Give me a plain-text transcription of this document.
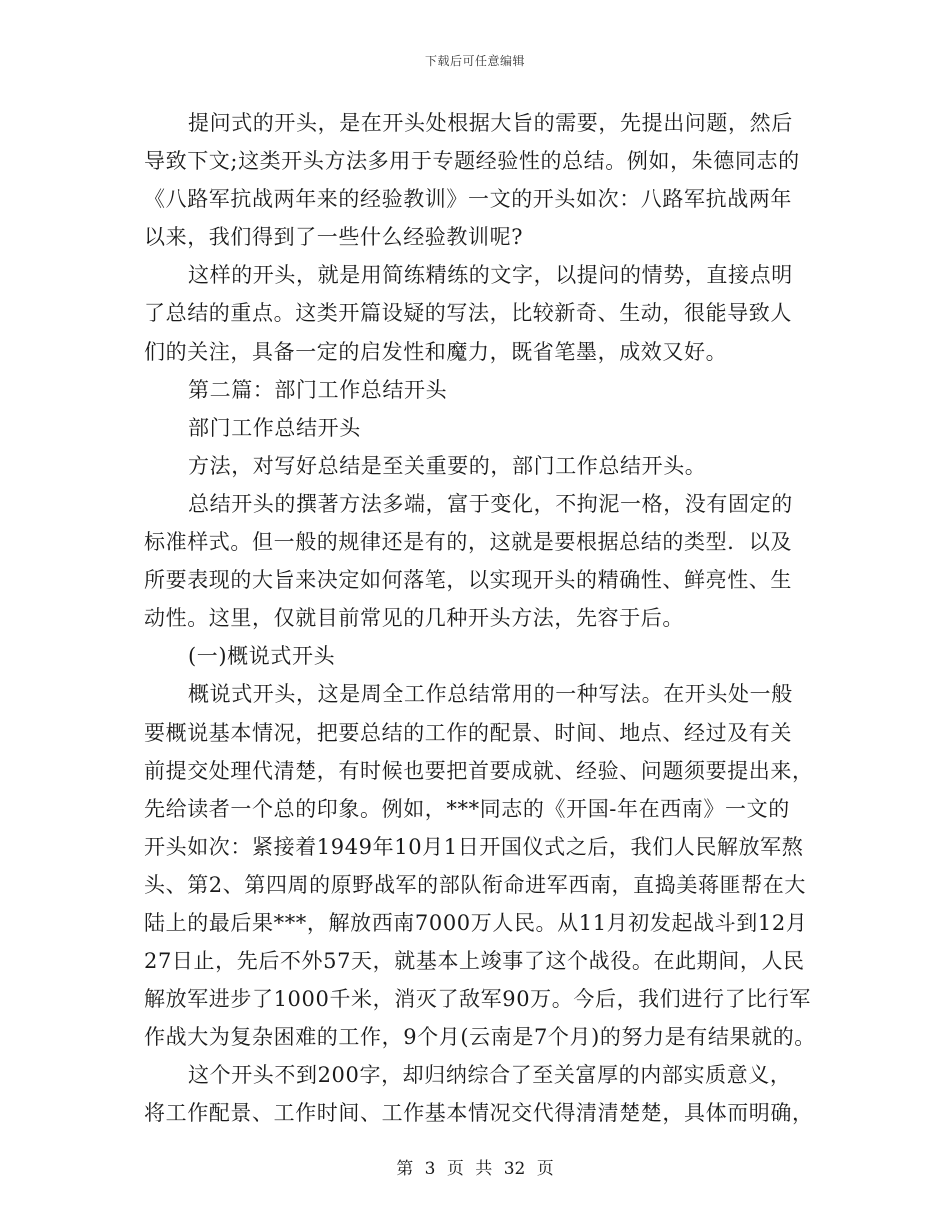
下载后可任意编辑
提问式的开头，是在开头处根据大旨的需要，先提出问题，然后
导致下文;这类开头方法多用于专题经验性的总结。例如，朱德同志的
《八路军抗战两年来的经验教训》一文的开头如次：八路军抗战两年
以来，我们得到了一些什么经验教训呢?
这样的开头，就是用简练精练的文字，以提问的情势，直接点明
了总结的重点。这类开篇设疑的写法，比较新奇、生动，很能导致人
们的关注，具备一定的启发性和魔力，既省笔墨，成效又好。
第二篇：部门工作总结开头
部门工作总结开头
方法，对写好总结是至关重要的，部门工作总结开头。
总结开头的撰著方法多端，富于变化，不拘泥一格，没有固定的
标准样式。但一般的规律还是有的，这就是要根据总结的类型．以及
所要表现的大旨来决定如何落笔，以实现开头的精确性、鲜亮性、生
动性。这里，仅就目前常见的几种开头方法，先容于后。
(一)概说式开头
概说式开头，这是周全工作总结常用的一种写法。在开头处一般
要概说基本情况，把要总结的工作的配景、时间、地点、经过及有关
前提交处理代清楚，有时候也要把首要成就、经验、问题须要提出来，
先给读者一个总的印象。例如，***同志的《开国-年在西南》一文的
开头如次：紧接着1949年10月1日开国仪式之后，我们人民解放军熬
头、第2、第四周的原野战军的部队衔命进军西南，直捣美蒋匪帮在大
陆上的最后果***，解放西南7000万人民。从11月初发起战斗到12月
27日止，先后不外57天，就基本上竣事了这个战役。在此期间，人民
解放军进步了1000千米，消灭了敌军90万。今后，我们进行了比行军
作战大为复杂困难的工作，9个月(云南是7个月)的努力是有结果就的。
这个开头不到200字，却归纳综合了至关富厚的内部实质意义，
将工作配景、工作时间、工作基本情况交代得清清楚楚，具体而明确，
第 3 页 共 32 页
